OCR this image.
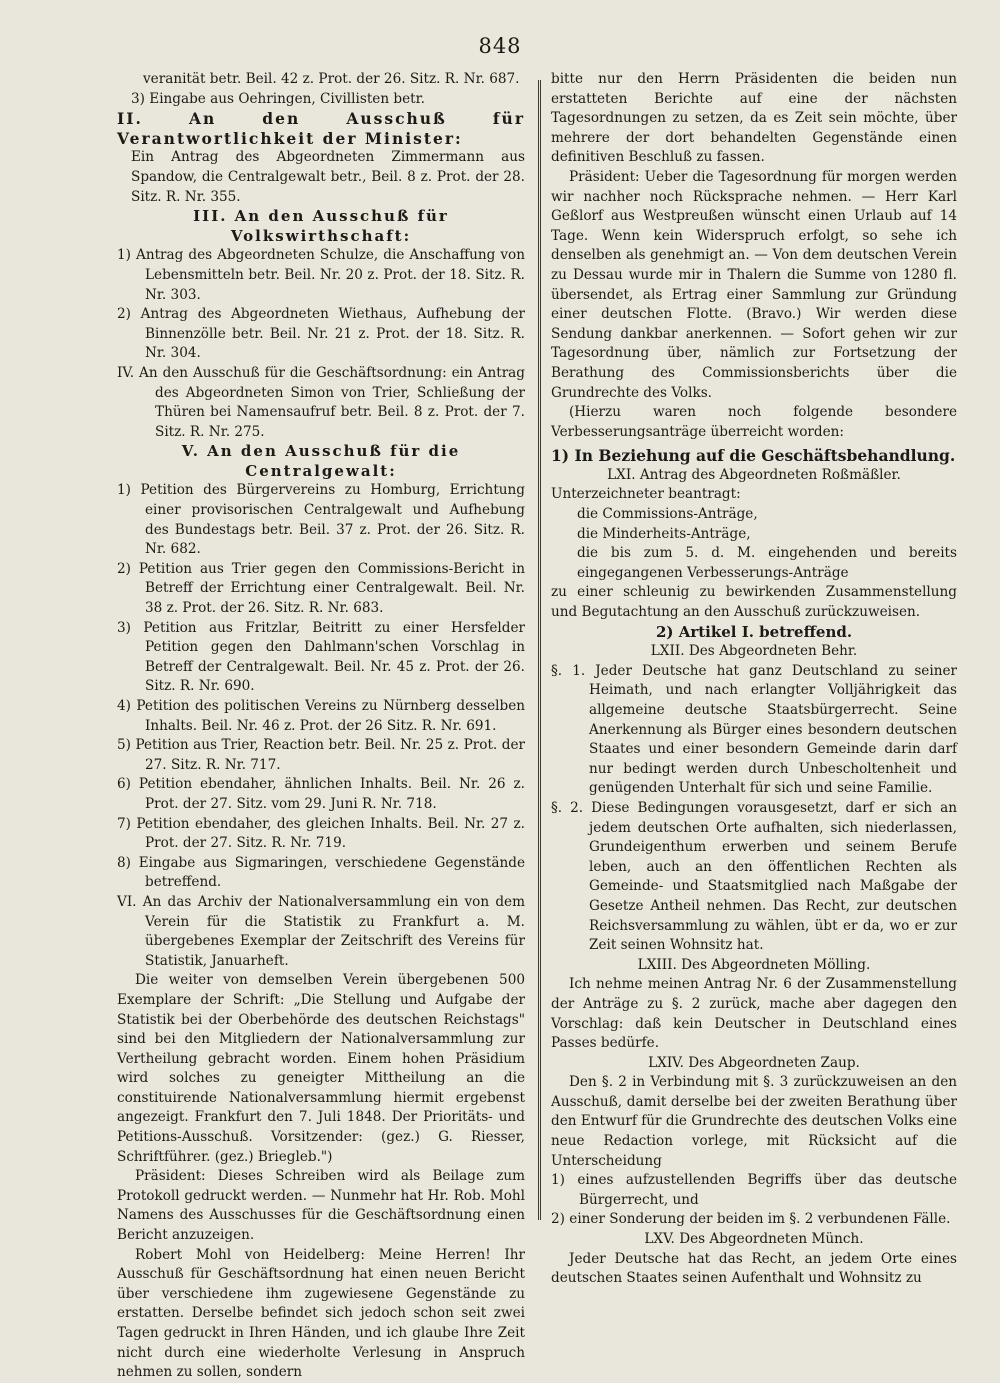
848
veranität betr. Beil. 42 z. Prot. der 26. Sitz. R. Nr. 687.
3) Eingabe aus Oehringen, Civillisten betr.
II. An den Ausschuß für Verantwortlichkeit der Minister:
Ein Antrag des Abgeordneten Zimmermann aus Spandow, die Centralgewalt betr., Beil. 8 z. Prot. der 28. Sitz. R. Nr. 355.
III. An den Ausschuß für Volkswirthschaft:
1) Antrag des Abgeordneten Schulze, die Anschaffung von Lebensmitteln betr. Beil. Nr. 20 z. Prot. der 18. Sitz. R. Nr. 303.
2) Antrag des Abgeordneten Wiethaus, Aufhebung der Binnenzölle betr. Beil. Nr. 21 z. Prot. der 18. Sitz. R. Nr. 304.
IV. An den Ausschuß für die Geschäftsordnung: ein Antrag des Abgeordneten Simon von Trier, Schließung der Thüren bei Namensaufruf betr. Beil. 8 z. Prot. der 7. Sitz. R. Nr. 275.
V. An den Ausschuß für die Centralgewalt:
1) Petition des Bürgervereins zu Homburg, Errichtung einer provisorischen Centralgewalt und Aufhebung des Bundestags betr. Beil. 37 z. Prot. der 26. Sitz. R. Nr. 682.
2) Petition aus Trier gegen den Commissions-Bericht in Betreff der Errichtung einer Centralgewalt. Beil. Nr. 38 z. Prot. der 26. Sitz. R. Nr. 683.
3) Petition aus Fritzlar, Beitritt zu einer Hersfelder Petition gegen den Dahlmann'schen Vorschlag in Betreff der Centralgewalt. Beil. Nr. 45 z. Prot. der 26. Sitz. R. Nr. 690.
4) Petition des politischen Vereins zu Nürnberg desselben Inhalts. Beil. Nr. 46 z. Prot. der 26 Sitz. R. Nr. 691.
5) Petition aus Trier, Reaction betr. Beil. Nr. 25 z. Prot. der 27. Sitz. R. Nr. 717.
6) Petition ebendaher, ähnlichen Inhalts. Beil. Nr. 26 z. Prot. der 27. Sitz. vom 29. Juni R. Nr. 718.
7) Petition ebendaher, des gleichen Inhalts. Beil. Nr. 27 z. Prot. der 27. Sitz. R. Nr. 719.
8) Eingabe aus Sigmaringen, verschiedene Gegenstände betreffend.
VI. An das Archiv der Nationalversammlung ein von dem Verein für die Statistik zu Frankfurt a. M. übergebenes Exemplar der Zeitschrift des Vereins für Statistik, Januarheft.
Die weiter von demselben Verein übergebenen 500 Exemplare der Schrift: „Die Stellung und Aufgabe der Statistik bei der Oberbehörde des deutschen Reichstags" sind bei den Mitgliedern der Nationalversammlung zur Vertheilung gebracht worden. Einem hohen Präsidium wird solches zu geneigter Mittheilung an die constituirende Nationalversammlung hiermit ergebenst angezeigt. Frankfurt den 7. Juli 1848. Der Prioritäts- und Petitions-Ausschuß. Vorsitzender: (gez.) G. Riesser, Schriftführer. (gez.) Briegleb.")
Präsident: Dieses Schreiben wird als Beilage zum Protokoll gedruckt werden. — Nunmehr hat Hr. Rob. Mohl Namens des Ausschusses für die Geschäftsordnung einen Bericht anzuzeigen.
Robert Mohl von Heidelberg: Meine Herren! Ihr Ausschuß für Geschäftsordnung hat einen neuen Bericht über verschiedene ihm zugewiesene Gegenstände zu erstatten. Derselbe befindet sich jedoch schon seit zwei Tagen gedruckt in Ihren Händen, und ich glaube Ihre Zeit nicht durch eine wiederholte Verlesung in Anspruch nehmen zu sollen, sondern
bitte nur den Herrn Präsidenten die beiden nun erstatteten Berichte auf eine der nächsten Tagesordnungen zu setzen, da es Zeit sein möchte, über mehrere der dort behandelten Gegenstände einen definitiven Beschluß zu fassen.
Präsident: Ueber die Tagesordnung für morgen werden wir nachher noch Rücksprache nehmen. — Herr Karl Geßlorf aus Westpreußen wünscht einen Urlaub auf 14 Tage. Wenn kein Widerspruch erfolgt, so sehe ich denselben als genehmigt an. — Von dem deutschen Verein zu Dessau wurde mir in Thalern die Summe von 1280 fl. übersendet, als Ertrag einer Sammlung zur Gründung einer deutschen Flotte. (Bravo.) Wir werden diese Sendung dankbar anerkennen. — Sofort gehen wir zur Tagesordnung über, nämlich zur Fortsetzung der Berathung des Commissionsberichts über die Grundrechte des Volks.
(Hierzu waren noch folgende besondere Verbesserungsanträge überreicht worden:
1) In Beziehung auf die Geschäftsbehandlung.
LXI. Antrag des Abgeordneten Roßmäßler.
Unterzeichneter beantragt:
die Commissions-Anträge,
die Minderheits-Anträge,
die bis zum 5. d. M. eingehenden und bereits eingegangenen Verbesserungs-Anträge
zu einer schleunig zu bewirkenden Zusammenstellung und Begutachtung an den Ausschuß zurückzuweisen.
2) Artikel I. betreffend.
LXII. Des Abgeordneten Behr.
§. 1. Jeder Deutsche hat ganz Deutschland zu seiner Heimath, und nach erlangter Volljährigkeit das allgemeine deutsche Staatsbürgerrecht. Seine Anerkennung als Bürger eines besondern deutschen Staates und einer besondern Gemeinde darin darf nur bedingt werden durch Unbescholtenheit und genügenden Unterhalt für sich und seine Familie.
§. 2. Diese Bedingungen vorausgesetzt, darf er sich an jedem deutschen Orte aufhalten, sich niederlassen, Grundeigenthum erwerben und seinem Berufe leben, auch an den öffentlichen Rechten als Gemeinde- und Staatsmitglied nach Maßgabe der Gesetze Antheil nehmen. Das Recht, zur deutschen Reichsversammlung zu wählen, übt er da, wo er zur Zeit seinen Wohnsitz hat.
LXIII. Des Abgeordneten Mölling.
Ich nehme meinen Antrag Nr. 6 der Zusammenstellung der Anträge zu §. 2 zurück, mache aber dagegen den Vorschlag: daß kein Deutscher in Deutschland eines Passes bedürfe.
LXIV. Des Abgeordneten Zaup.
Den §. 2 in Verbindung mit §. 3 zurückzuweisen an den Ausschuß, damit derselbe bei der zweiten Berathung über den Entwurf für die Grundrechte des deutschen Volks eine neue Redaction vorlege, mit Rücksicht auf die Unterscheidung
1) eines aufzustellenden Begriffs über das deutsche Bürgerrecht, und
2) einer Sonderung der beiden im §. 2 verbundenen Fälle.
LXV. Des Abgeordneten Münch.
Jeder Deutsche hat das Recht, an jedem Orte eines deutschen Staates seinen Aufenthalt und Wohnsitz zu
